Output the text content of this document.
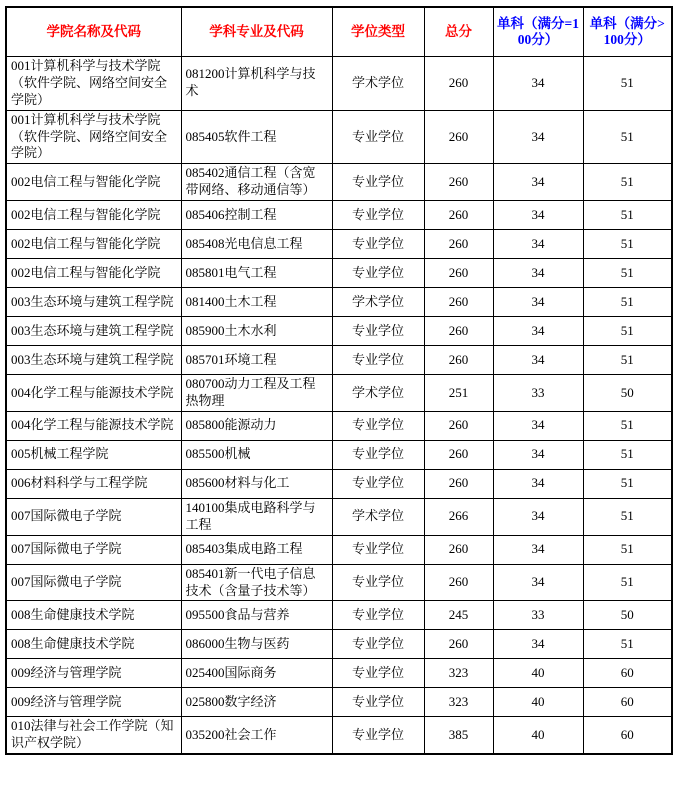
学院名称及代码	学科专业及代码	学位类型	总分	单科（满分=100分）	单科（满分>100分）
001计算机科学与技术学院（软件学院、网络空间安全学院）	081200计算机科学与技术	学术学位	260	34	51
001计算机科学与技术学院（软件学院、网络空间安全学院）	085405软件工程	专业学位	260	34	51
002电信工程与智能化学院	085402通信工程（含宽带网络、移动通信等）	专业学位	260	34	51
002电信工程与智能化学院	085406控制工程	专业学位	260	34	51
002电信工程与智能化学院	085408光电信息工程	专业学位	260	34	51
002电信工程与智能化学院	085801电气工程	专业学位	260	34	51
003生态环境与建筑工程学院	081400土木工程	学术学位	260	34	51
003生态环境与建筑工程学院	085900土木水利	专业学位	260	34	51
003生态环境与建筑工程学院	085701环境工程	专业学位	260	34	51
004化学工程与能源技术学院	080700动力工程及工程热物理	学术学位	251	33	50
004化学工程与能源技术学院	085800能源动力	专业学位	260	34	51
005机械工程学院	085500机械	专业学位	260	34	51
006材料科学与工程学院	085600材料与化工	专业学位	260	34	51
007国际微电子学院	140100集成电路科学与工程	学术学位	266	34	51
007国际微电子学院	085403集成电路工程	专业学位	260	34	51
007国际微电子学院	085401新一代电子信息技术（含量子技术等）	专业学位	260	34	51
008生命健康技术学院	095500食品与营养	专业学位	245	33	50
008生命健康技术学院	086000生物与医药	专业学位	260	34	51
009经济与管理学院	025400国际商务	专业学位	323	40	60
009经济与管理学院	025800数字经济	专业学位	323	40	60
010法律与社会工作学院（知识产权学院）	035200社会工作	专业学位	385	40	60
